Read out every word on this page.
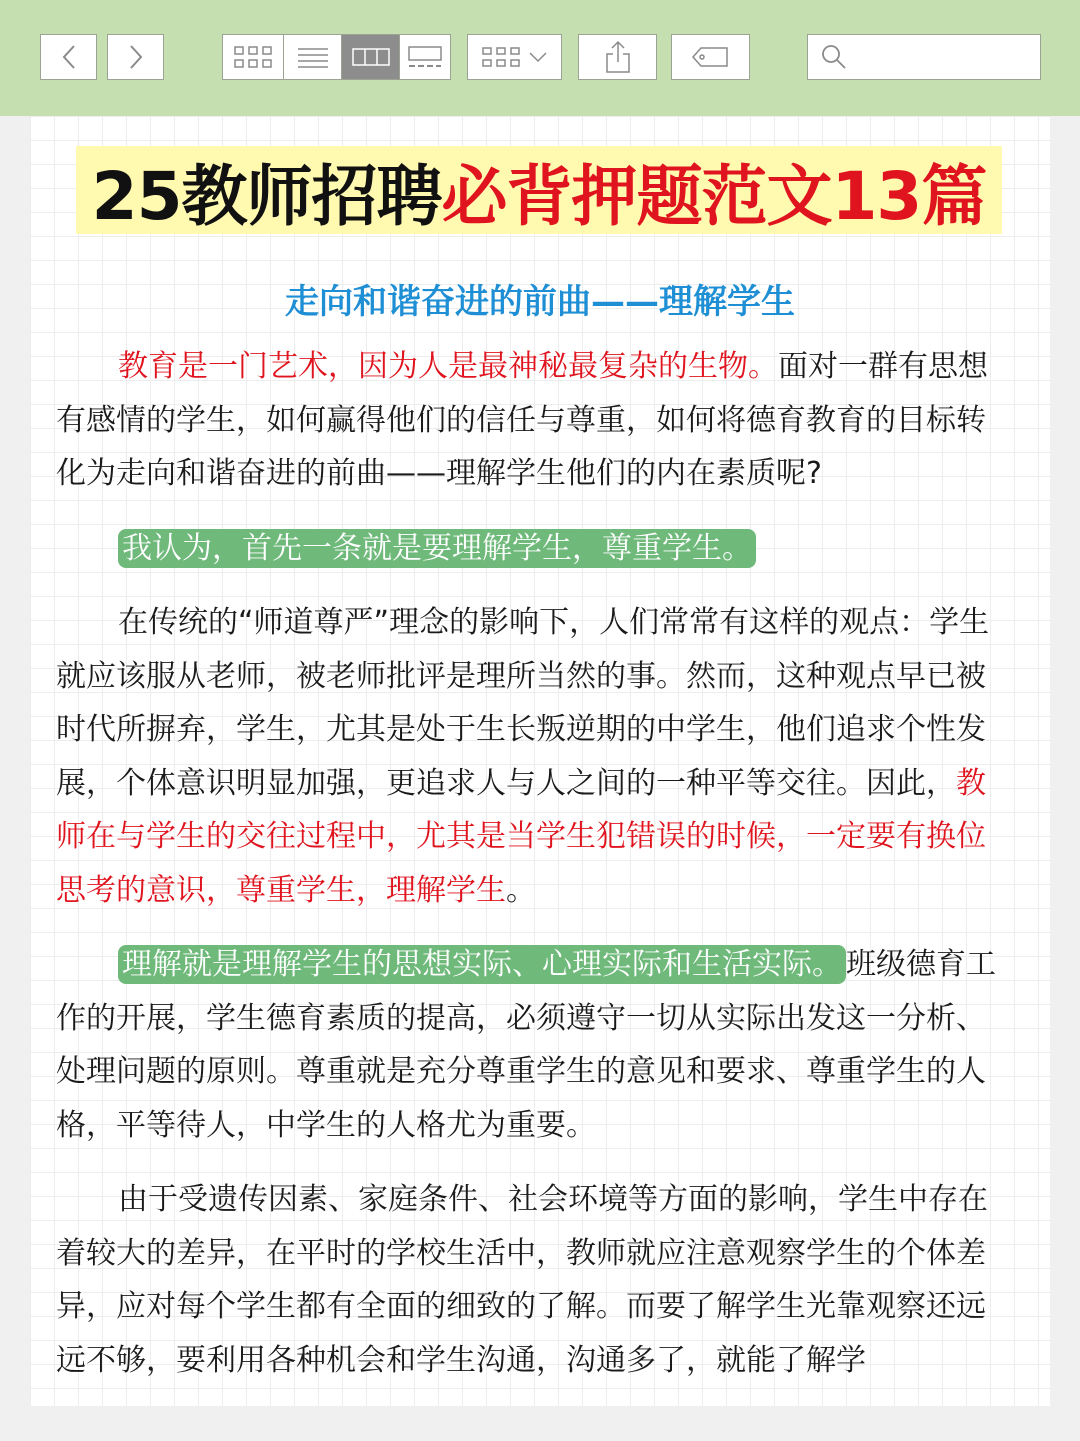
25教师招聘 必背押题范文13篇
走向和谐奋进的前曲——理解学生

教育是一门艺术，因为人是最神秘最复杂的生物。面对一群有思想有感情的学生，如何赢得他们的信任与尊重，如何将德育教育的目标转化为走向和谐奋进的前曲——理解学生他们的内在素质呢?

我认为，首先一条就是要理解学生，尊重学生。

在传统的“师道尊严”理念的影响下，人们常常有这样的观点：学生就应该服从老师，被老师批评是理所当然的事。然而，这种观点早已被时代所摒弃，学生，尤其是处于生长叛逆期的中学生，他们追求个性发展，个体意识明显加强，更追求人与人之间的一种平等交往。因此，教师在与学生的交往过程中，尤其是当学生犯错误的时候，一定要有换位思考的意识，尊重学生，理解学生。

理解就是理解学生的思想实际、心理实际和生活实际。 班级德育工作的开展，学生德育素质的提高，必须遵守一切从实际出发这一分析、处理问题的原则。尊重就是充分尊重学生的意见和要求、尊重学生的人格，平等待人，中学生的人格尤为重要。

由于受遗传因素、家庭条件、社会环境等方面的影响，学生中存在着较大的差异，在平时的学校生活中，教师就应注意观察学生的个体差异，应对每个学生都有全面的细致的了解。而要了解学生光靠观察还远远不够，要利用各种机会和学生沟通，沟通多了，就能了解学
